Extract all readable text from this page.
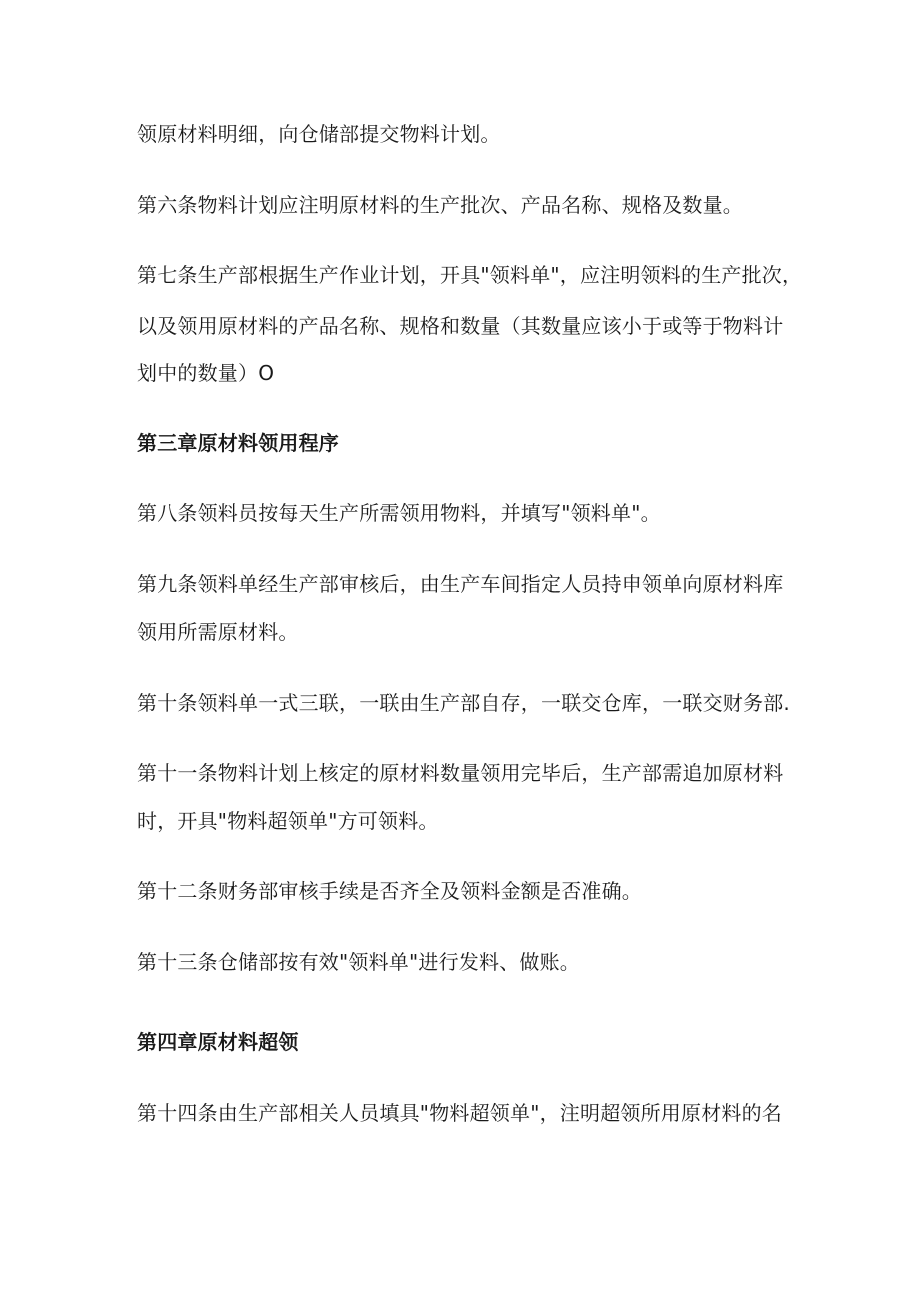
领原材料明细，向仓储部提交物料计划。
第六条物料计划应注明原材料的生产批次、产品名称、规格及数量。
第七条生产部根据生产作业计划，开具"领料单"，应注明领料的生产批次，
以及领用原材料的产品名称、规格和数量（其数量应该小于或等于物料计
划中的数量）O
第三章原材料领用程序
第八条领料员按每天生产所需领用物料，并填写"领料单"。
第九条领料单经生产部审核后，由生产车间指定人员持申领单向原材料库
领用所需原材料。
第十条领料单一式三联，一联由生产部自存，一联交仓库，一联交财务部.
第十一条物料计划上核定的原材料数量领用完毕后，生产部需追加原材料
时，开具"物料超领单"方可领料。
第十二条财务部审核手续是否齐全及领料金额是否准确。
第十三条仓储部按有效"领料单"进行发料、做账。
第四章原材料超领
第十四条由生产部相关人员填具"物料超领单"，注明超领所用原材料的名
